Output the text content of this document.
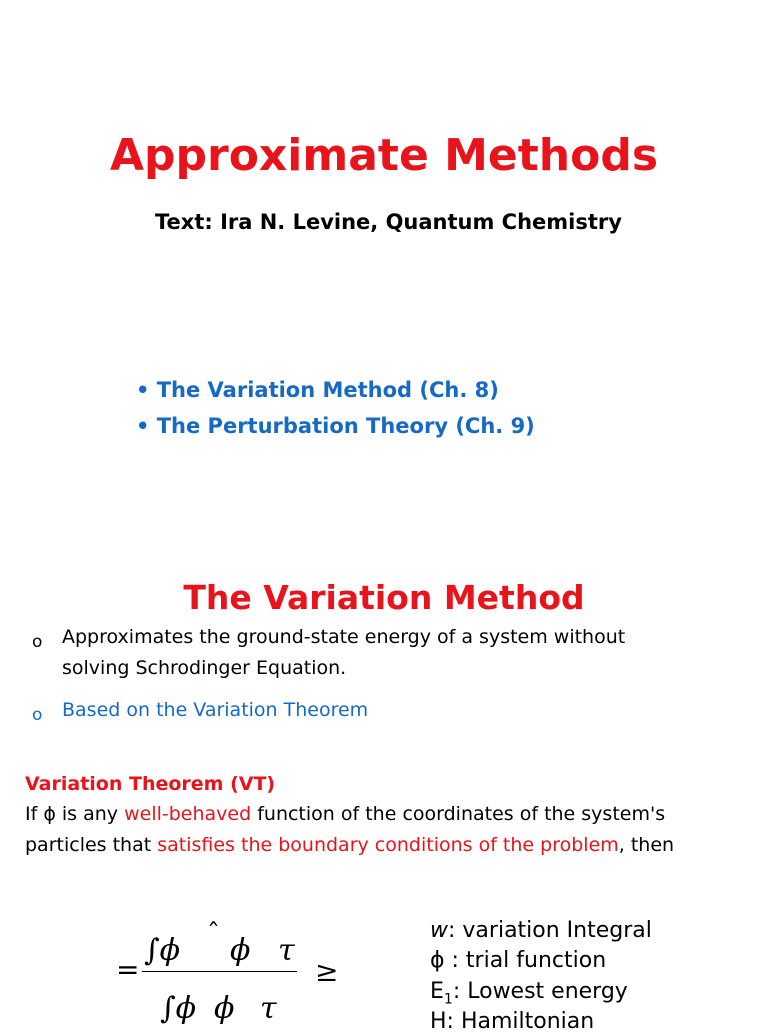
Approximate Methods
Text: Ira N. Levine, Quantum Chemistry
• The Variation Method (Ch. 8)
• The Perturbation Theory (Ch. 9)
The Variation Method
o Approximates the ground-state energy of a system without
solving Schrodinger Equation.
o Based on the Variation Theorem
Variation Theorem (VT)
If ϕ is any well-behaved function of the coordinates of the system's
particles that satisfies the boundary conditions of the problem, then
=
∫ϕ ˆ ϕ τ
≥
∫ϕ ϕ τ
w: variation Integral
ϕ : trial function
$E_1$: Lowest energy
H: Hamiltonian
